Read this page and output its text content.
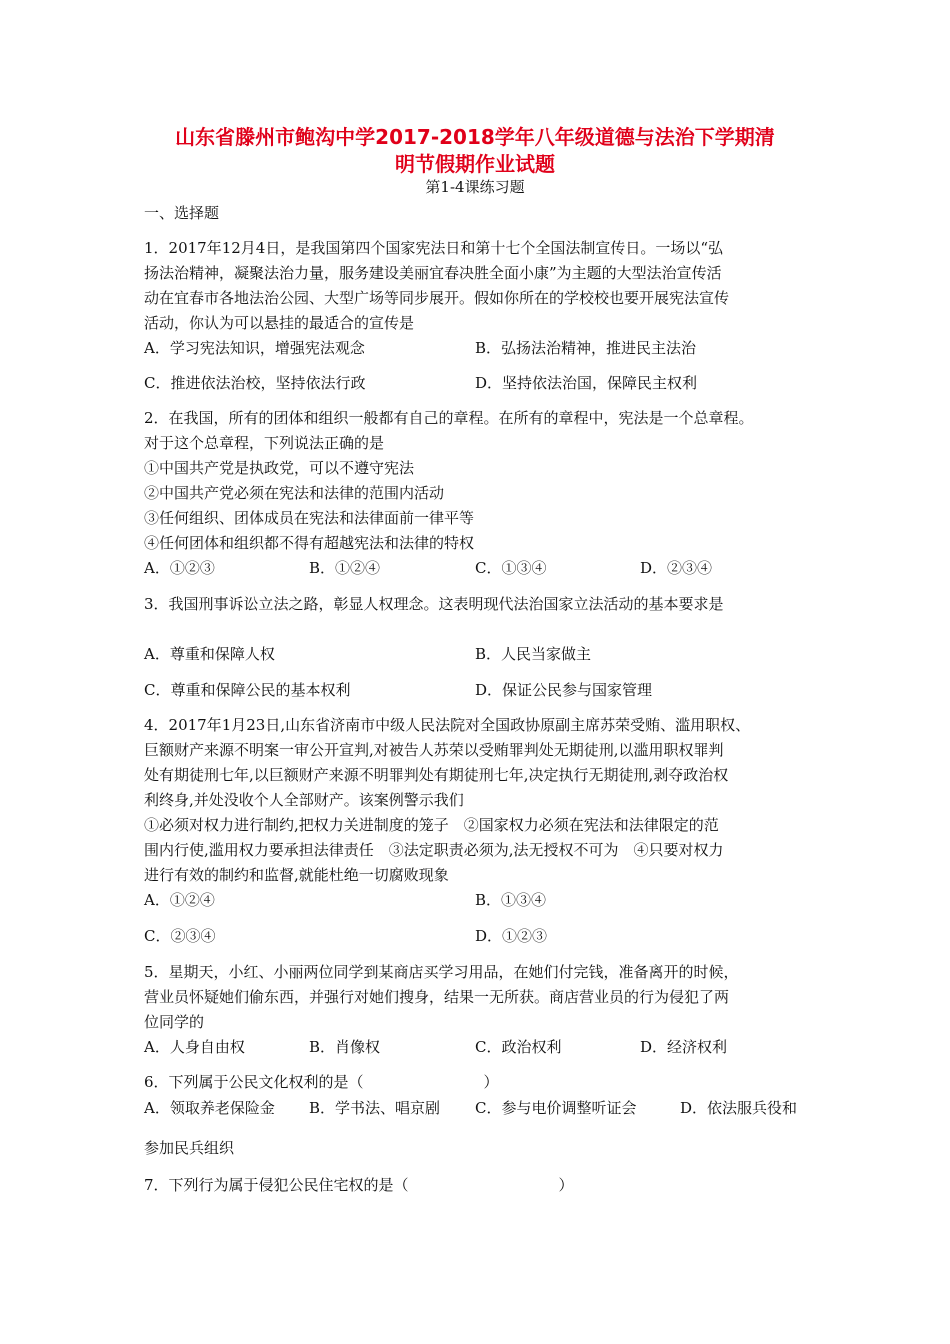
山东省滕州市鲍沟中学2017-2018学年八年级道德与法治下学期清
明节假期作业试题
第1-4课练习题
一、选择题
1．2017年12月4日，是我国第四个国家宪法日和第十七个全国法制宣传日。一场以“弘
扬法治精神，凝聚法治力量，服务建设美丽宜春决胜全面小康”为主题的大型法治宣传活
动在宜春市各地法治公园、大型广场等同步展开。假如你所在的学校校也要开展宪法宣传
活动，你认为可以悬挂的最适合的宣传是
A．学习宪法知识，增强宪法观念	B．弘扬法治精神，推进民主法治
C．推进依法治校，坚持依法行政	D．坚持依法治国，保障民主权利
2．在我国，所有的团体和组织一般都有自己的章程。在所有的章程中，宪法是一个总章程。
对于这个总章程，下列说法正确的是
①中国共产党是执政党，可以不遵守宪法
②中国共产党必须在宪法和法律的范围内活动
③任何组织、团体成员在宪法和法律面前一律平等
④任何团体和组织都不得有超越宪法和法律的特权
A．①②③	B．①②④	C．①③④	D．②③④
3．我国刑事诉讼立法之路，彰显人权理念。这表明现代法治国家立法活动的基本要求是
A．尊重和保障人权	B．人民当家做主
C．尊重和保障公民的基本权利	D．保证公民参与国家管理
4．2017年1月23日,山东省济南市中级人民法院对全国政协原副主席苏荣受贿、滥用职权、
巨额财产来源不明案一审公开宣判,对被告人苏荣以受贿罪判处无期徒刑,以滥用职权罪判
处有期徒刑七年,以巨额财产来源不明罪判处有期徒刑七年,决定执行无期徒刑,剥夺政治权
利终身,并处没收个人全部财产。该案例警示我们
①必须对权力进行制约,把权力关进制度的笼子　②国家权力必须在宪法和法律限定的范
围内行使,滥用权力要承担法律责任　③法定职责必须为,法无授权不可为　④只要对权力
进行有效的制约和监督,就能杜绝一切腐败现象
A．①②④	B．①③④
C．②③④	D．①②③
5．星期天，小红、小丽两位同学到某商店买学习用品，在她们付完钱，准备离开的时候，
营业员怀疑她们偷东西，并强行对她们搜身，结果一无所获。商店营业员的行为侵犯了两
位同学的
A．人身自由权	B．肖像权	C．政治权利	D．经济权利
6．下列属于公民文化权利的是（　　　　　　　　）
A．领取养老保险金 B．学书法、唱京剧 C．参与电价调整听证会	D．依法服兵役和
参加民兵组织
7．下列行为属于侵犯公民住宅权的是（　　　　　　　　　　）
